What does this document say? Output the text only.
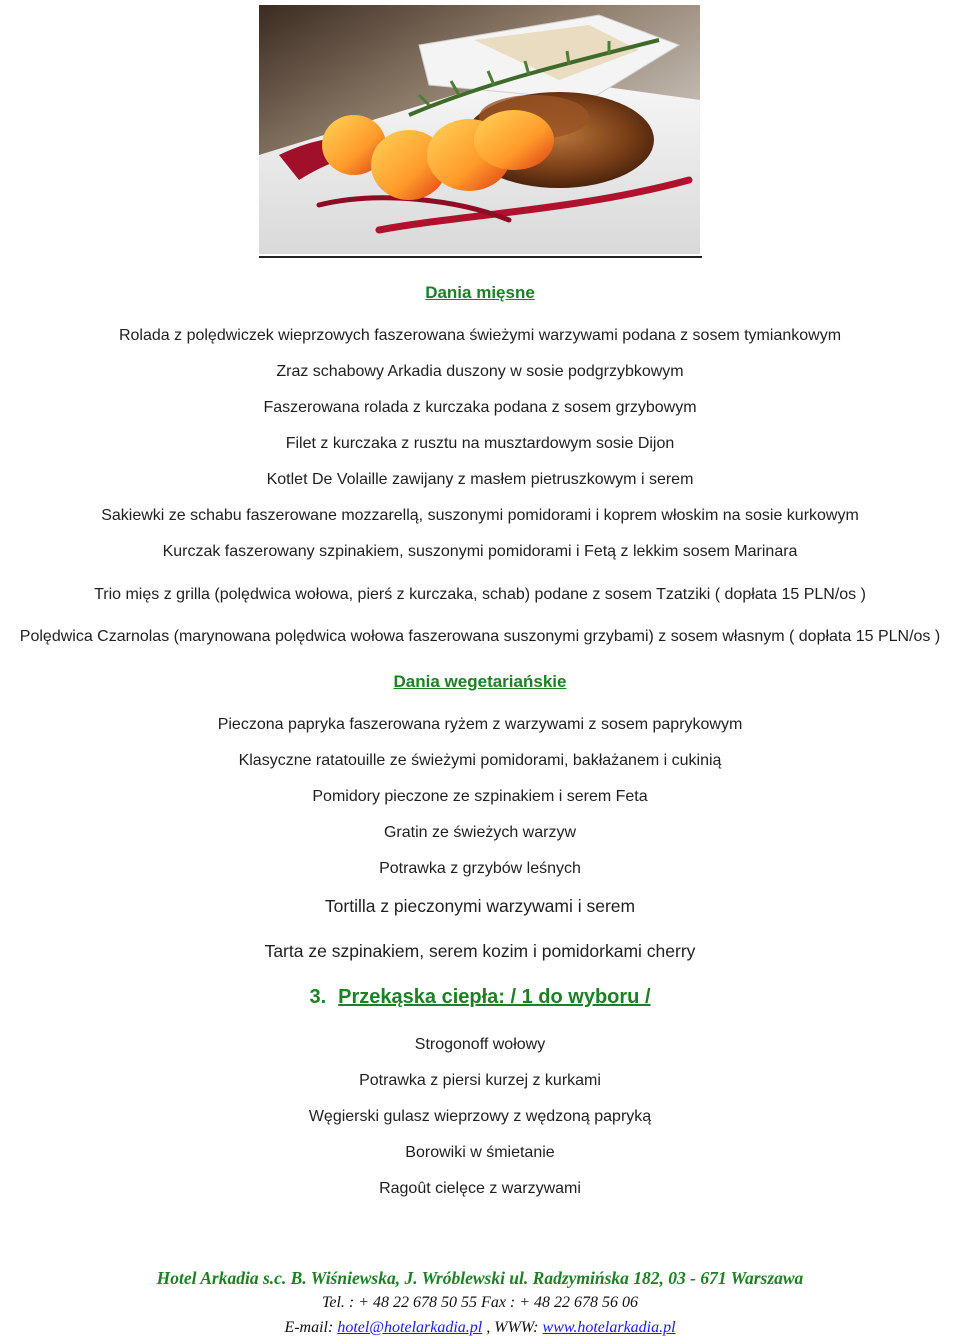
Dania mięsne
Rolada z polędwiczek wieprzowych faszerowana świeżymi warzywami podana z sosem tymiankowym
Zraz schabowy Arkadia duszony w sosie podgrzybkowym
Faszerowana rolada z kurczaka podana z sosem grzybowym
Filet z kurczaka z rusztu na musztardowym sosie Dijon
Kotlet De Volaille zawijany z masłem pietruszkowym i serem
Sakiewki ze schabu faszerowane mozzarellą, suszonymi pomidorami i koprem włoskim na sosie kurkowym
Kurczak faszerowany szpinakiem, suszonymi pomidorami i Fetą z lekkim sosem Marinara
Trio mięs z grilla (polędwica wołowa, pierś z kurczaka, schab) podane z sosem Tzatziki ( dopłata 15 PLN/os )
Polędwica Czarnolas (marynowana polędwica wołowa faszerowana suszonymi grzybami) z sosem własnym ( dopłata 15 PLN/os )
Dania wegetariańskie
Pieczona papryka faszerowana ryżem z warzywami z sosem paprykowym
Klasyczne ratatouille ze świeżymi pomidorami, bakłażanem i cukinią
Pomidory pieczone ze szpinakiem i serem Feta
Gratin ze świeżych warzyw
Potrawka z grzybów leśnych
Tortilla z pieczonymi warzywami i serem
Tarta ze szpinakiem, serem kozim i pomidorkami cherry
3. Przekąska ciepła: / 1 do wyboru /
Strogonoff wołowy
Potrawka z piersi kurzej z kurkami
Węgierski gulasz wieprzowy z wędzoną papryką
Borowiki w śmietanie
Ragoût cielęce z warzywami
Hotel Arkadia s.c. B. Wiśniewska, J. Wróblewski ul. Radzymińska 182, 03 - 671 Warszawa
Tel. : + 48 22 678 50 55 Fax : + 48 22 678 56 06
E-mail: hotel@hotelarkadia.pl , WWW: www.hotelarkadia.pl
